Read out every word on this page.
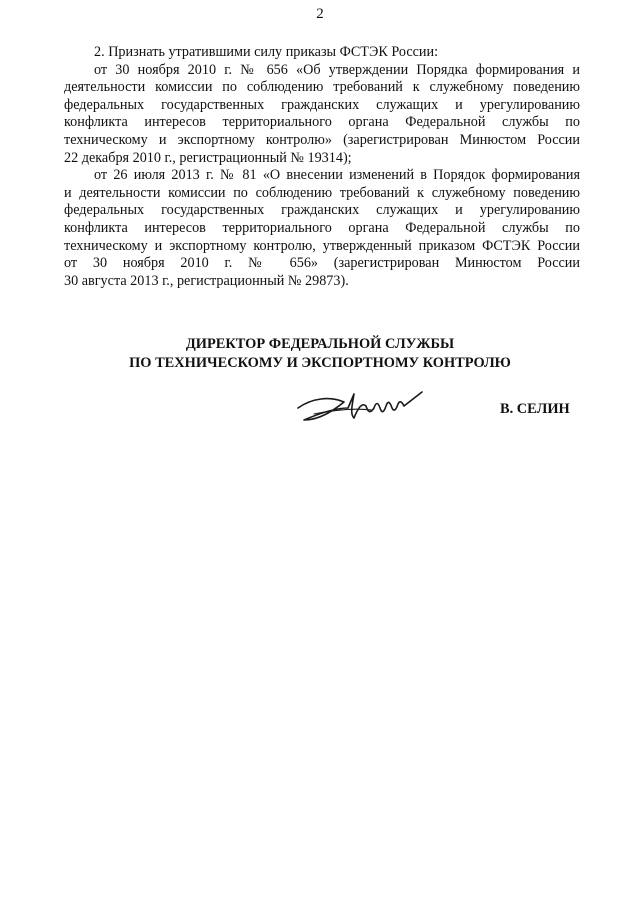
2

2. Признать утратившими силу приказы ФСТЭК России:

от 30 ноября 2010 г. № 656 «Об утверждении Порядка формирования и
деятельности комиссии по соблюдению требований к служебному поведению
федеральных государственных гражданских служащих и урегулированию
конфликта интересов территориального органа Федеральной службы по
техническому и экспортному контролю» (зарегистрирован Минюстом России
22 декабря 2010 г., регистрационный № 19314);

от 26 июля 2013 г. № 81 «О внесении изменений в Порядок формирования
и деятельности комиссии по соблюдению требований к служебному поведению
федеральных государственных гражданских служащих и урегулированию
конфликта интересов территориального органа Федеральной службы по
техническому и экспортному контролю, утвержденный приказом ФСТЭК России
от 30 ноября 2010 г. № 656» (зарегистрирован Минюстом России
30 августа 2013 г., регистрационный № 29873).

ДИРЕКТОР ФЕДЕРАЛЬНОЙ СЛУЖБЫ
ПО ТЕХНИЧЕСКОМУ И ЭКСПОРТНОМУ КОНТРОЛЮ
В. СЕЛИН
